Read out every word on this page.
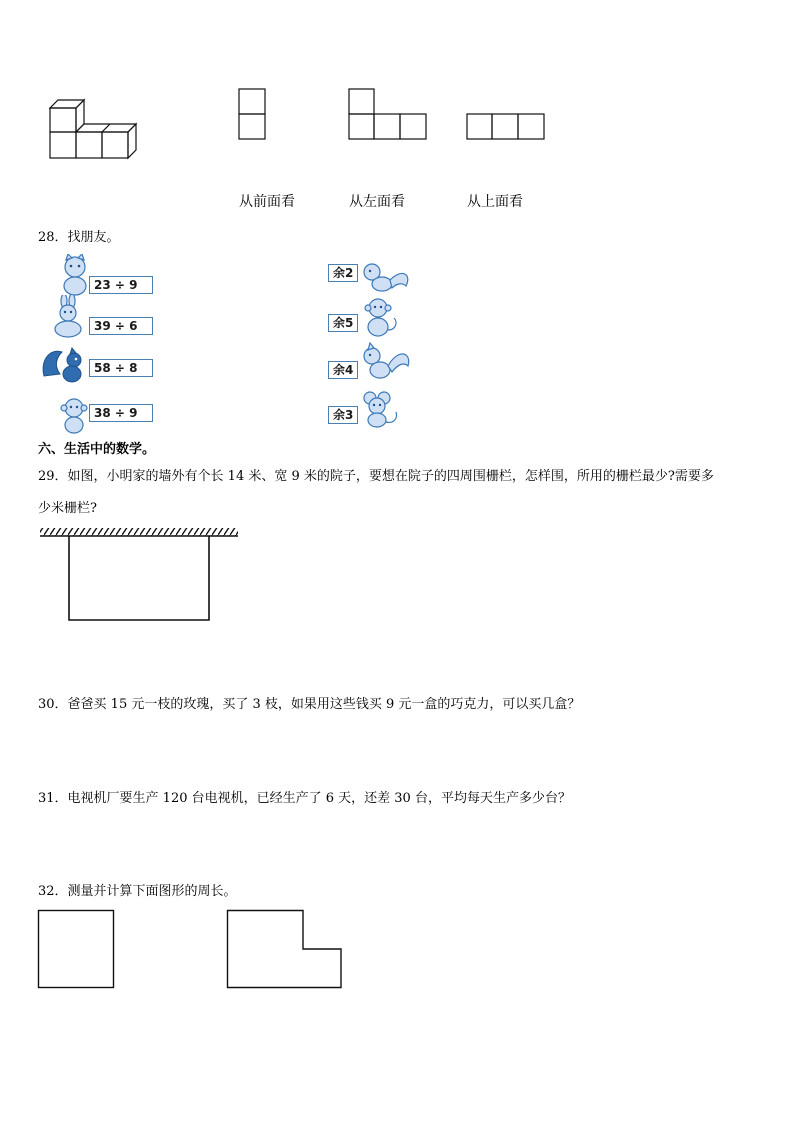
从前面看	从左面看	从上面看
28．找朋友。
23 ÷ 9
39 ÷ 6
58 ÷ 8
38 ÷ 9
余2
余5
余4
余3
六、生活中的数学。
29．如图，小明家的墙外有个长 14 米、宽 9 米的院子，要想在院子的四周围栅栏，怎样围，所用的栅栏最少?需要多
少米栅栏?
30．爸爸买 15 元一枝的玫瑰，买了 3 枝，如果用这些钱买 9 元一盒的巧克力，可以买几盒？
31．电视机厂要生产 120 台电视机，已经生产了 6 天，还差 30 台，平均每天生产多少台？
32．测量并计算下面图形的周长。
